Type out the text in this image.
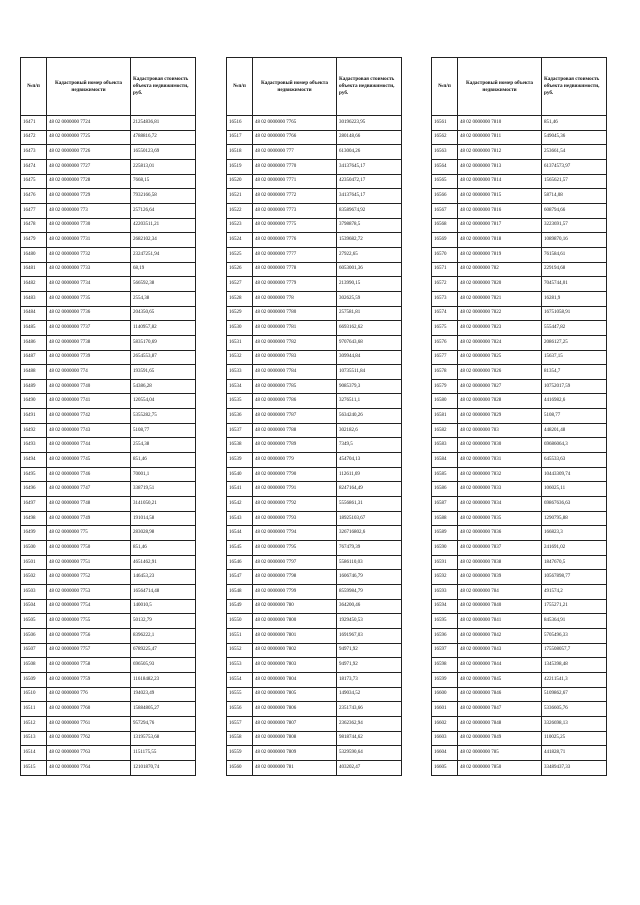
№п/п	Кадастровый номер объекта недвижимости	Кадастровая стоимость объекта недвижимости, руб.
16471	48 02 0000000 7724	21254836,81
16472	48 02 0000000 7725	4788816,72
16473	48 02 0000000 7726	16550123,69
16474	48 02 0000000 7727	225813,01
16475	48 02 0000000 7728	7668,15
16476	48 02 0000000 7729	7932166,58
16477	48 02 0000000 773	257126,64
16478	48 02 0000000 7730	42203511,21
16479	48 02 0000000 7731	2682102,34
16480	48 02 0000000 7732	23247251,94
16481	48 02 0000000 7733	68,19
16482	48 02 0000000 7734	566592,38
16483	48 02 0000000 7735	2554,38
16484	48 02 0000000 7736	204350,65
16485	48 02 0000000 7737	1140957,82
16486	48 02 0000000 7738	5835170,69
16487	48 02 0000000 7739	2654553,87
16488	48 02 0000000 774	193591,65
16489	48 02 0000000 7740	54386,28
16490	48 02 0000000 7741	120554,04
16491	48 02 0000000 7742	5355282,75
16492	48 02 0000000 7743	5108,77
16493	48 02 0000000 7744	2554,38
16494	48 02 0000000 7745	851,46
16495	48 02 0000000 7746	70001,1
16496	48 02 0000000 7747	338719,51
16497	48 02 0000000 7748	3141050,21
16498	48 02 0000000 7749	191014,58
16499	48 02 0000000 775	283028,98
16500	48 02 0000000 7750	851,46
16501	48 02 0000000 7751	4651462,91
16502	48 02 0000000 7752	146453,23
16503	48 02 0000000 7753	16564714,48
16504	48 02 0000000 7754	140010,5
16505	48 02 0000000 7755	50132,79
16506	48 02 0000000 7756	8396222,1
16507	48 02 0000000 7757	6789225,47
16508	48 02 0000000 7758	696505,93
16509	48 02 0000000 7759	11618482,23
16510	48 02 0000000 776	194023,49
16511	48 02 0000000 7760	15884805,27
16512	48 02 0000000 7761	957294,76
16513	48 02 0000000 7762	13195753,68
16514	48 02 0000000 7763	1151175,55
16515	48 02 0000000 7764	12101870,74
№п/п	Кадастровый номер объекта недвижимости	Кадастровая стоимость объекта недвижимости, руб.
16516	48 02 0000000 7765	30196223,95
16517	48 02 0000000 7766	280148,66
16518	48 02 0000000 777	613004,26
16519	48 02 0000000 7770	34137645,17
16520	48 02 0000000 7771	42350472,17
16521	48 02 0000000 7772	34137645,17
16522	48 02 0000000 7773	83589674,92
16523	48 02 0000000 7775	3798878,5
16524	48 02 0000000 7776	1539682,72
16525	48 02 0000000 7777	27922,65
16526	48 02 0000000 7778	6053001,36
16527	48 02 0000000 7779	213990,15
16528	48 02 0000000 778	302625,59
16529	48 02 0000000 7780	257581,81
16530	48 02 0000000 7781	6693162,62
16531	48 02 0000000 7782	9707643,68
16532	48 02 0000000 7783	309944,84
16533	48 02 0000000 7784	10735511,84
16534	48 02 0000000 7785	9085379,3
16535	48 02 0000000 7786	3276511,1
16536	48 02 0000000 7787	5634240,26
16537	48 02 0000000 7788	302182,6
16538	48 02 0000000 7789	7349,5
16539	48 02 0000000 779	454704,13
16540	48 02 0000000 7790	112611,69
16541	48 02 0000000 7791	8247164,49
16542	48 02 0000000 7792	5556861,31
16543	48 02 0000000 7793	18925103,67
16544	48 02 0000000 7794	326716802,6
16545	48 02 0000000 7795	767479,39
16546	48 02 0000000 7797	5586110,03
16547	48 02 0000000 7798	1606746,79
16548	48 02 0000000 7799	8559984,79
16549	48 02 0000000 780	364200,46
16550	48 02 0000000 7800	1929450,53
16551	48 02 0000000 7801	1691967,03
16552	48 02 0000000 7802	94971,92
16553	48 02 0000000 7803	94971,92
16554	48 02 0000000 7804	18173,73
16555	48 02 0000000 7805	149034,52
16556	48 02 0000000 7806	2351743,66
16557	48 02 0000000 7807	2362362,94
16558	48 02 0000000 7808	9818744,62
16559	48 02 0000000 7809	5329590,64
16560	48 02 0000000 781	403202,47
№п/п	Кадастровый номер объекта недвижимости	Кадастровая стоимость объекта недвижимости, руб.
16561	48 02 0000000 7810	851,46
16562	48 02 0000000 7811	549045,36
16563	48 02 0000000 7812	253661,54
16564	48 02 0000000 7813	61374573,97
16565	48 02 0000000 7814	1565621,57
16566	48 02 0000000 7815	58714,08
16567	48 02 0000000 7816	608794,66
16568	48 02 0000000 7817	3223691,57
16569	48 02 0000000 7818	1089870,16
16570	48 02 0000000 7819	761584,61
16571	48 02 0000000 782	229194,68
16572	48 02 0000000 7820	7045744,01
16573	48 02 0000000 7821	16281,9
16574	48 02 0000000 7822	16751058,91
16575	48 02 0000000 7823	555447,82
16576	48 02 0000000 7824	2086127,25
16577	48 02 0000000 7825	15637,15
16578	48 02 0000000 7826	81354,7
16579	48 02 0000000 7827	10752017,59
16580	48 02 0000000 7828	4416982,6
16581	48 02 0000000 7829	5108,77
16582	48 02 0000000 783	448201,48
16583	48 02 0000000 7830	69686064,3
16584	48 02 0000000 7831	645533,63
16585	48 02 0000000 7832	10443309,74
16586	48 02 0000000 7833	106025,11
16587	48 02 0000000 7834	69867636,63
16588	48 02 0000000 7835	1290795,88
16589	48 02 0000000 7836	166823,3
16590	48 02 0000000 7837	241691,02
16591	48 02 0000000 7838	1847670,5
16592	48 02 0000000 7839	10567898,77
16593	48 02 0000000 784	491574,2
16594	48 02 0000000 7840	1755271,21
16595	48 02 0000000 7841	845364,91
16596	48 02 0000000 7842	5705496,33
16597	48 02 0000000 7843	175508057,7
16598	48 02 0000000 7844	1345398,48
16599	48 02 0000000 7845	42211541,3
16600	48 02 0000000 7846	5109862,67
16601	48 02 0000000 7847	5336605,76
16602	48 02 0000000 7848	3326698,13
16603	48 02 0000000 7849	110025,25
16604	48 02 0000000 785	441828,71
16605	48 02 0000000 7850	33489437,33
